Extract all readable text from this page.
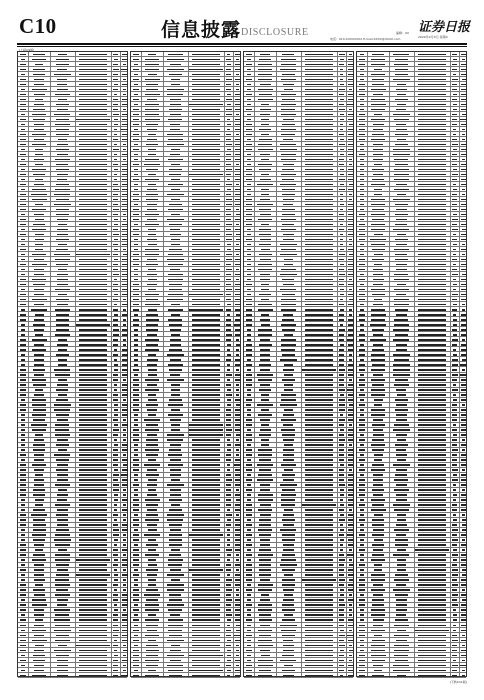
C10	信息披露 DISCLOSURE	编辑：XX
电话：010-XXXXXXXX E-mail:XXXX@XXXX.com
证券日报
2020年X月X日 星期X
(上接C9版)
(下转C11版)
